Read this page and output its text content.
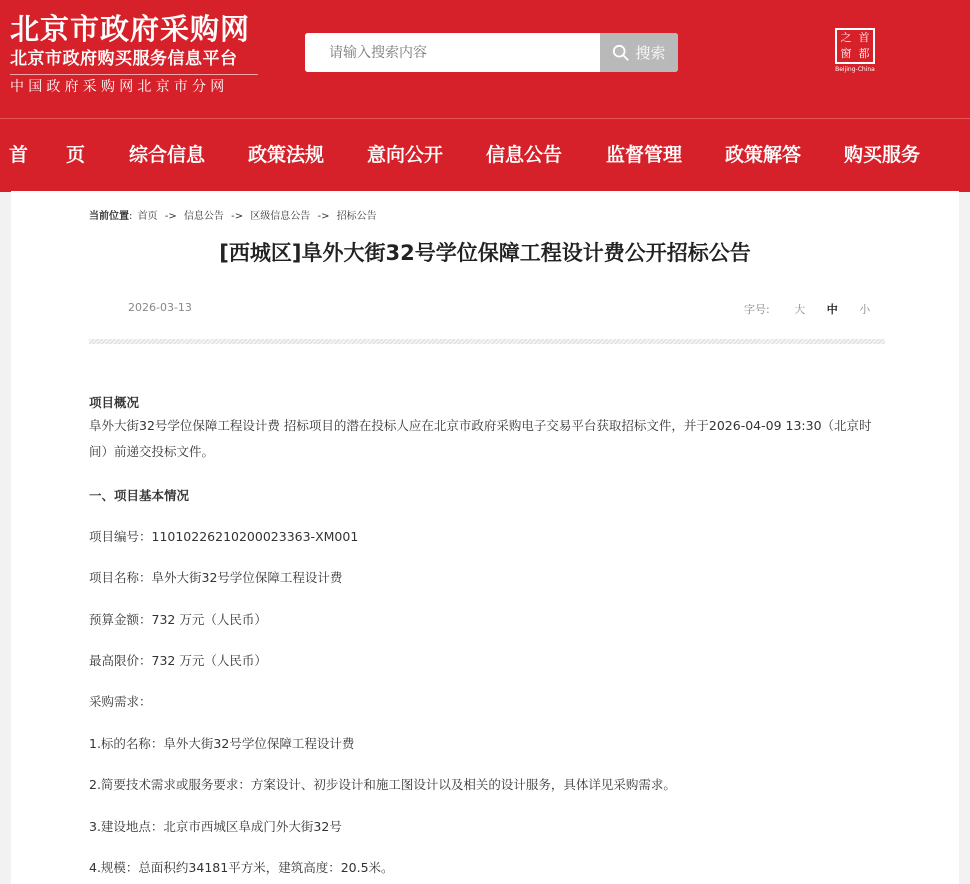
北京市政府采购网
北京市政府购买服务信息平台
中国政府采购网北京市分网
请输入搜索内容
搜索
之 首
窗 都
Beijing-China
首　　页 综合信息 政策法规 意向公开 信息公告 监督管理 政策解答 购买服务
当前位置: 首页 -> 信息公告 -> 区级信息公告 -> 招标公告
[西城区]阜外大街32号学位保障工程设计费公开招标公告
2026-03-13	字号: 大 中 小
项目概况
阜外大街32号学位保障工程设计费 招标项目的潜在投标人应在北京市政府采购电子交易平台获取招标文件，并于2026-04-09 13:30（北京时间）前递交投标文件。
一、项目基本情况
项目编号：11010226210200023363-XM001
项目名称：阜外大街32号学位保障工程设计费
预算金额：732 万元（人民币）
最高限价：732 万元（人民币）
采购需求：
1.标的名称：阜外大街32号学位保障工程设计费
2.简要技术需求或服务要求：方案设计、初步设计和施工图设计以及相关的设计服务，具体详见采购需求。
3.建设地点：北京市西城区阜成门外大街32号
4.规模：总面积约34181平方米，建筑高度：20.5米。
